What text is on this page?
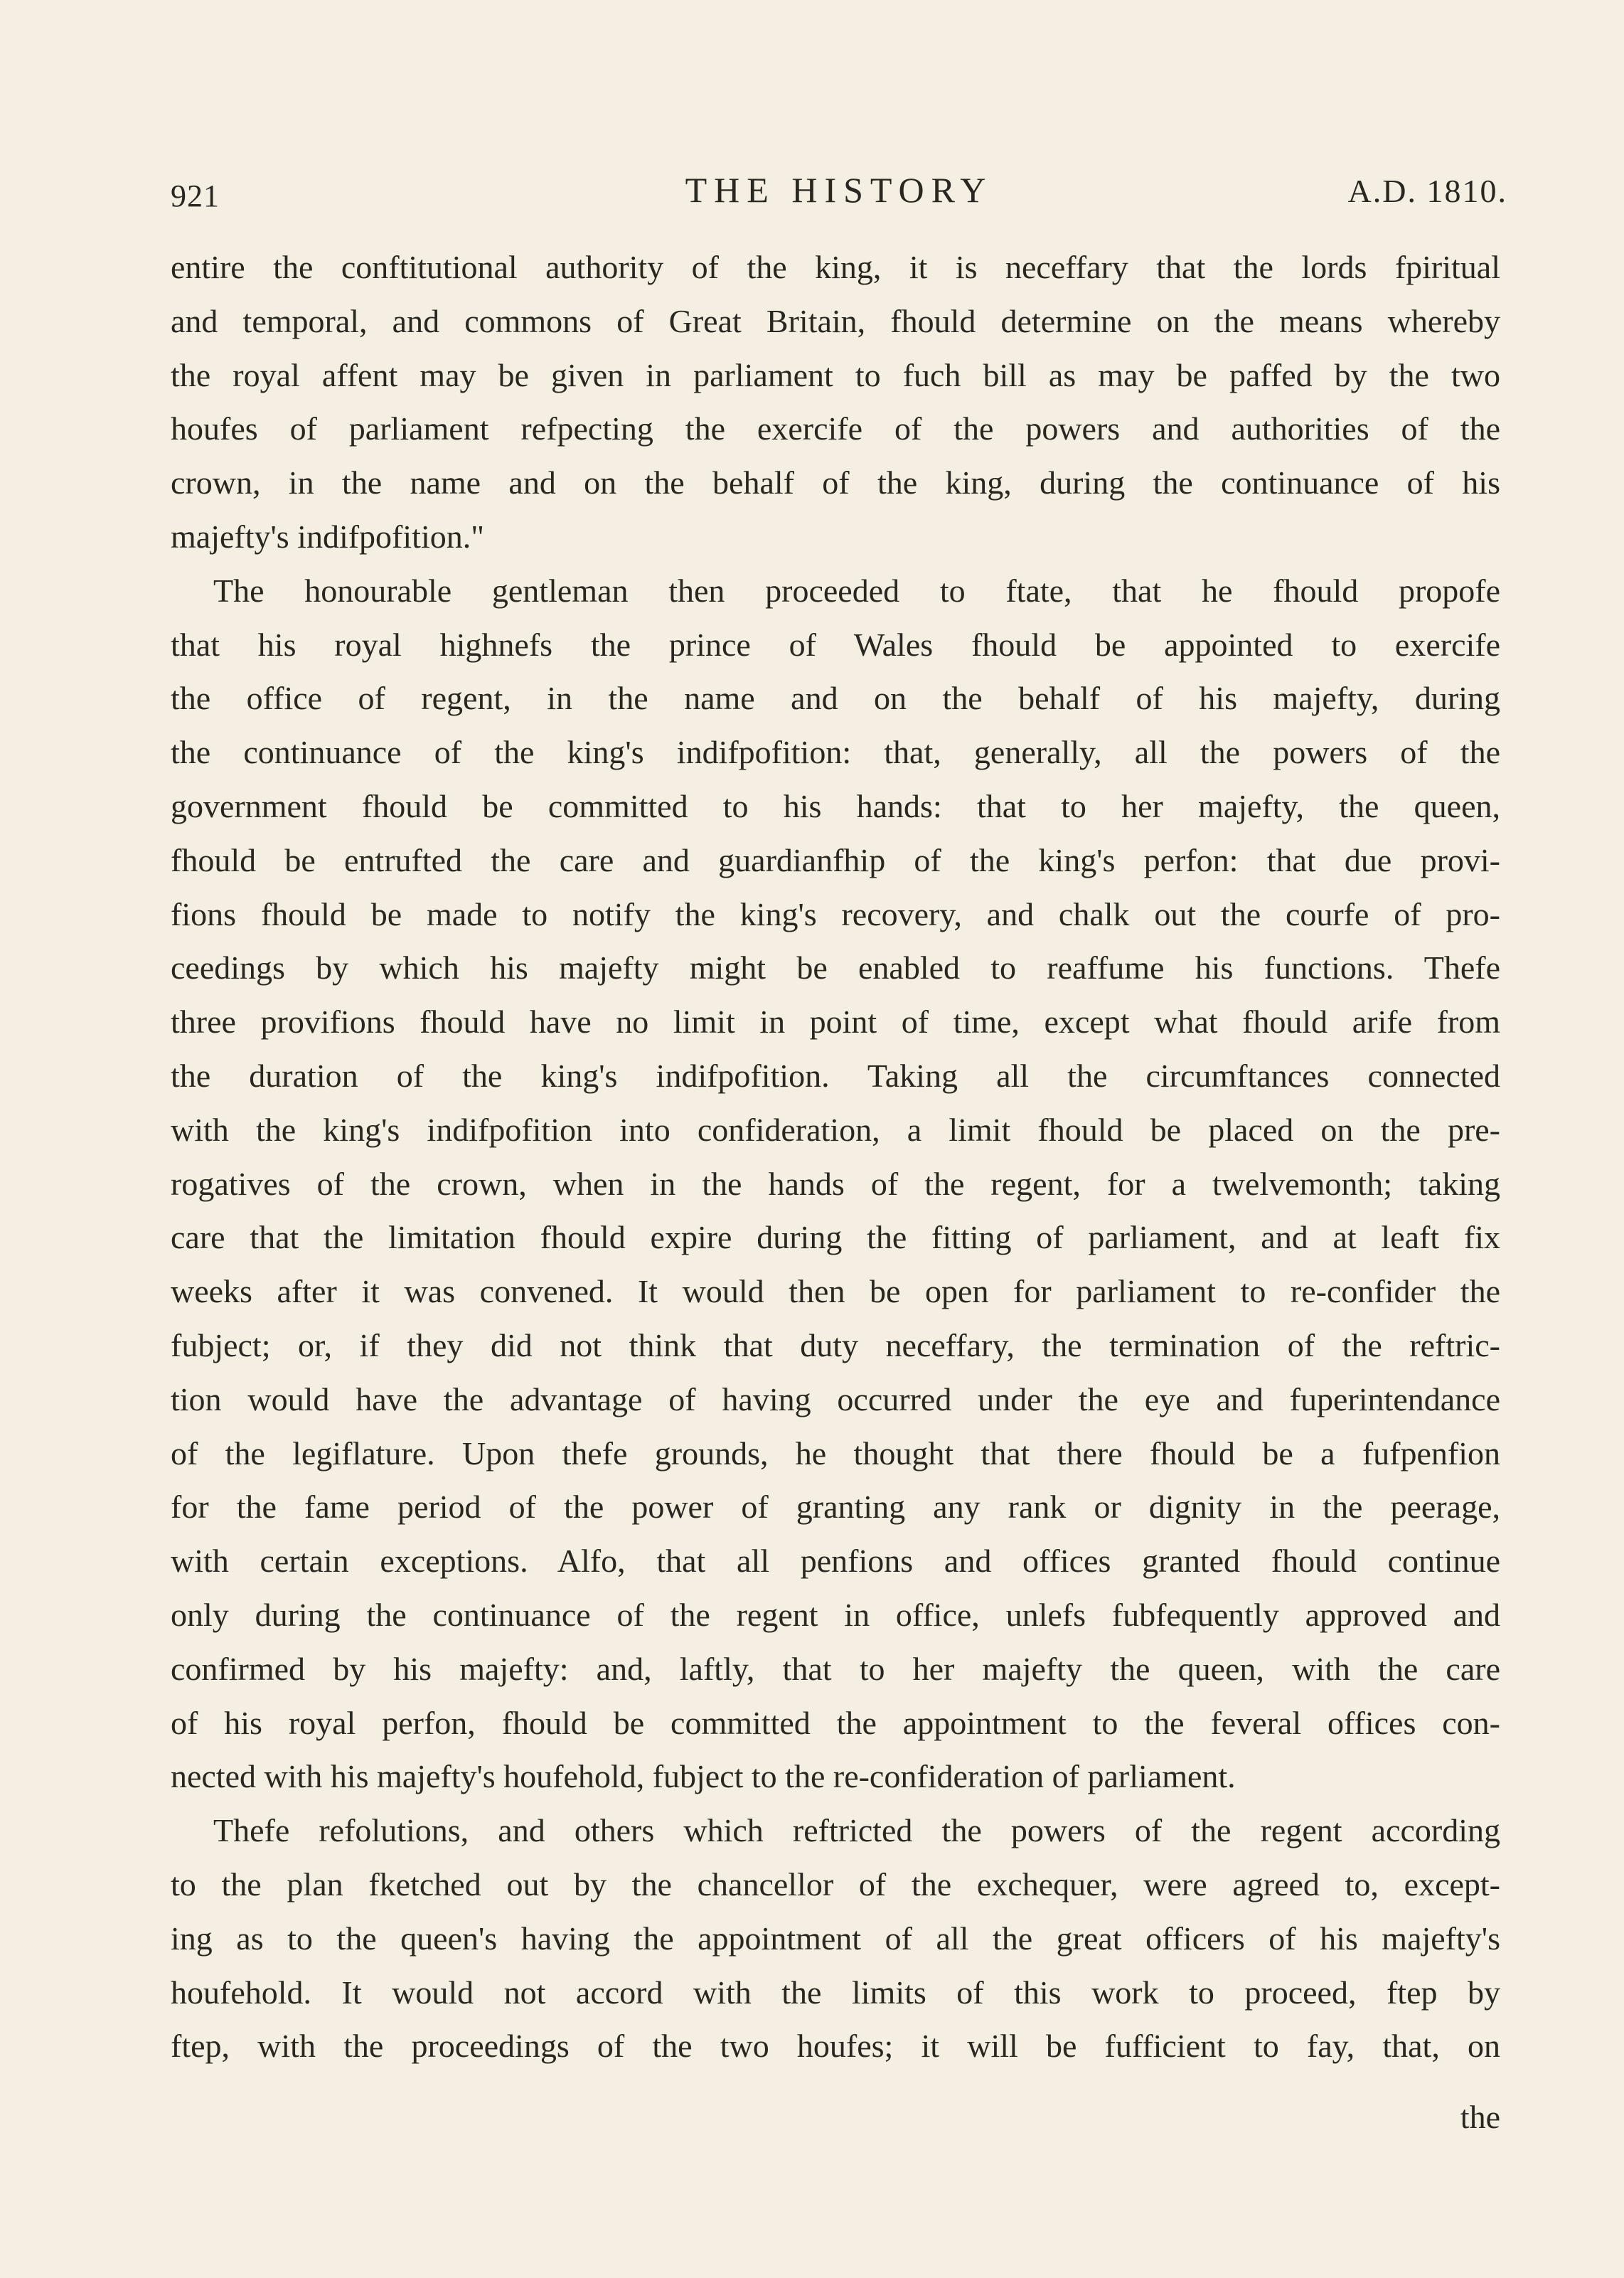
921	THE HISTORY	A.D. 1810.
entire the conftitutional authority of the king, it is neceffary that the lords fpiritual
and temporal, and commons of Great Britain, fhould determine on the means whereby
the royal affent may be given in parliament to fuch bill as may be paffed by the two
houfes of parliament refpecting the exercife of the powers and authorities of the
crown, in the name and on the behalf of the king, during the continuance of his
majefty's indifpofition."
The honourable gentleman then proceeded to ftate, that he fhould propofe
that his royal highnefs the prince of Wales fhould be appointed to exercife
the office of regent, in the name and on the behalf of his majefty, during
the continuance of the king's indifpofition: that, generally, all the powers of the
government fhould be committed to his hands: that to her majefty, the queen,
fhould be entrufted the care and guardianfhip of the king's perfon: that due provi-
fions fhould be made to notify the king's recovery, and chalk out the courfe of pro-
ceedings by which his majefty might be enabled to reaffume his functions. Thefe
three provifions fhould have no limit in point of time, except what fhould arife from
the duration of the king's indifpofition. Taking all the circumftances connected
with the king's indifpofition into confideration, a limit fhould be placed on the pre-
rogatives of the crown, when in the hands of the regent, for a twelvemonth; taking
care that the limitation fhould expire during the fitting of parliament, and at leaft fix
weeks after it was convened. It would then be open for parliament to re-confider the
fubject; or, if they did not think that duty neceffary, the termination of the reftric-
tion would have the advantage of having occurred under the eye and fuperintendance
of the legiflature. Upon thefe grounds, he thought that there fhould be a fufpenfion
for the fame period of the power of granting any rank or dignity in the peerage,
with certain exceptions. Alfo, that all penfions and offices granted fhould continue
only during the continuance of the regent in office, unlefs fubfequently approved and
confirmed by his majefty: and, laftly, that to her majefty the queen, with the care
of his royal perfon, fhould be committed the appointment to the feveral offices con-
nected with his majefty's houfehold, fubject to the re-confideration of parliament.
Thefe refolutions, and others which reftricted the powers of the regent according
to the plan fketched out by the chancellor of the exchequer, were agreed to, except-
ing as to the queen's having the appointment of all the great officers of his majefty's
houfehold. It would not accord with the limits of this work to proceed, ftep by
ftep, with the proceedings of the two houfes; it will be fufficient to fay, that, on
the
